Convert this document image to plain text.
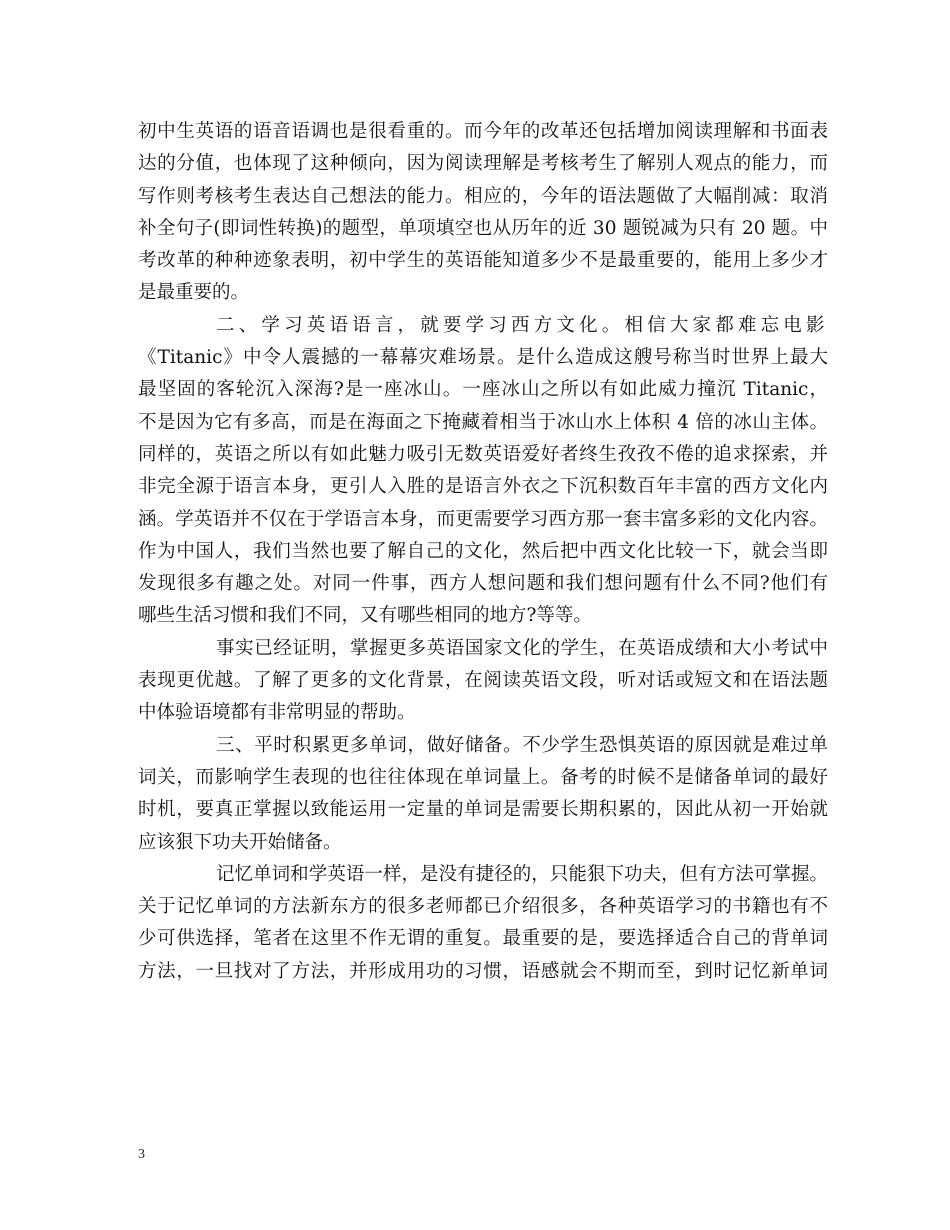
初中生英语的语音语调也是很看重的。而今年的改革还包括增加阅读理解和书面表
达的分值，也体现了这种倾向，因为阅读理解是考核考生了解别人观点的能力，而
写作则考核考生表达自己想法的能力。相应的，今年的语法题做了大幅削减：取消
补全句子(即词性转换)的题型，单项填空也从历年的近 30 题锐减为只有 20 题。中
考改革的种种迹象表明，初中学生的英语能知道多少不是最重要的，能用上多少才
是最重要的。
二、学习英语语言，就要学习西方文化。相信大家都难忘电影
《Titanic》中令人震撼的一幕幕灾难场景。是什么造成这艘号称当时世界上最大
最坚固的客轮沉入深海?是一座冰山。一座冰山之所以有如此威力撞沉 Titanic，
不是因为它有多高，而是在海面之下掩藏着相当于冰山水上体积 4 倍的冰山主体。
同样的，英语之所以有如此魅力吸引无数英语爱好者终生孜孜不倦的追求探索，并
非完全源于语言本身，更引人入胜的是语言外衣之下沉积数百年丰富的西方文化内
涵。学英语并不仅在于学语言本身，而更需要学习西方那一套丰富多彩的文化内容。
作为中国人，我们当然也要了解自己的文化，然后把中西文化比较一下，就会当即
发现很多有趣之处。对同一件事，西方人想问题和我们想问题有什么不同?他们有
哪些生活习惯和我们不同，又有哪些相同的地方?等等。
事实已经证明，掌握更多英语国家文化的学生，在英语成绩和大小考试中
表现更优越。了解了更多的文化背景，在阅读英语文段，听对话或短文和在语法题
中体验语境都有非常明显的帮助。
三、平时积累更多单词，做好储备。不少学生恐惧英语的原因就是难过单
词关，而影响学生表现的也往往体现在单词量上。备考的时候不是储备单词的最好
时机，要真正掌握以致能运用一定量的单词是需要长期积累的，因此从初一开始就
应该狠下功夫开始储备。
记忆单词和学英语一样，是没有捷径的，只能狠下功夫，但有方法可掌握。
关于记忆单词的方法新东方的很多老师都已介绍很多，各种英语学习的书籍也有不
少可供选择，笔者在这里不作无谓的重复。最重要的是，要选择适合自己的背单词
方法，一旦找对了方法，并形成用功的习惯，语感就会不期而至，到时记忆新单词
3
